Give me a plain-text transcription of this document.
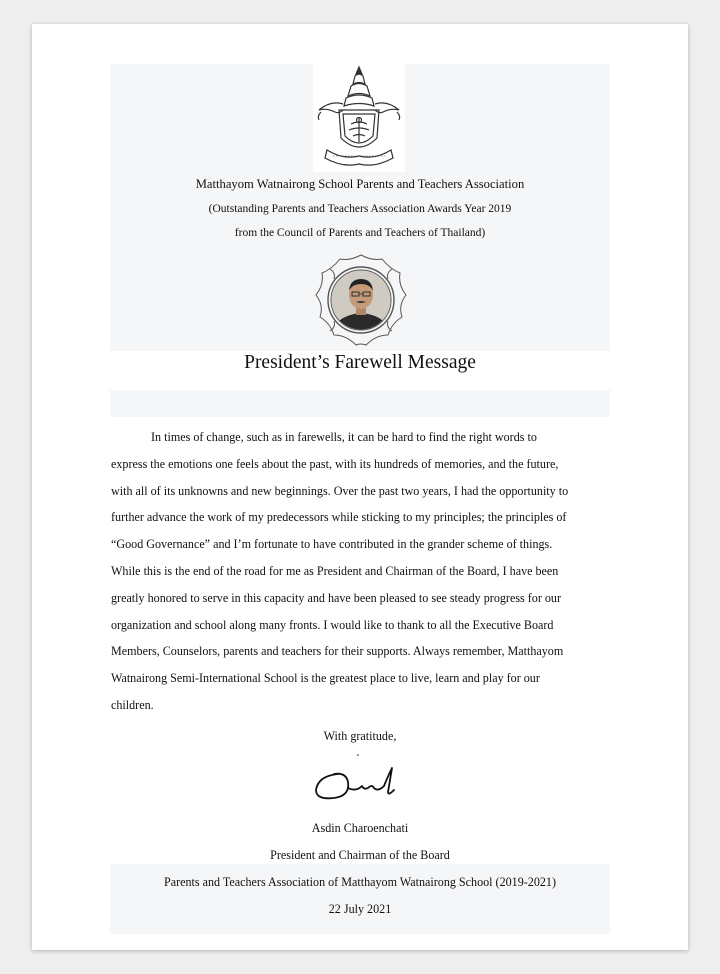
Matthayom Watnairong School Parents and Teachers Association
(Outstanding Parents and Teachers Association Awards Year 2019
from the Council of Parents and Teachers of Thailand)
President’s Farewell Message
In times of change, such as in farewells, it can be hard to find the right words to
express the emotions one feels about the past, with its hundreds of memories, and the future,
with all of its unknowns and new beginnings. Over the past two years, I had the opportunity to
further advance the work of my predecessors while sticking to my principles; the principles of
“Good Governance” and I’m fortunate to have contributed in the grander scheme of things.
While this is the end of the road for me as President and Chairman of the Board, I have been
greatly honored to serve in this capacity and have been pleased to see steady progress for our
organization and school along many fronts. I would like to thank to all the Executive Board
Members, Counselors, parents and teachers for their supports. Always remember, Matthayom
Watnairong Semi-International School is the greatest place to live, learn and play for our
children.
With gratitude,
Asdin Charoenchati
President and Chairman of the Board
Parents and Teachers Association of Matthayom Watnairong School (2019-2021)
22 July 2021
